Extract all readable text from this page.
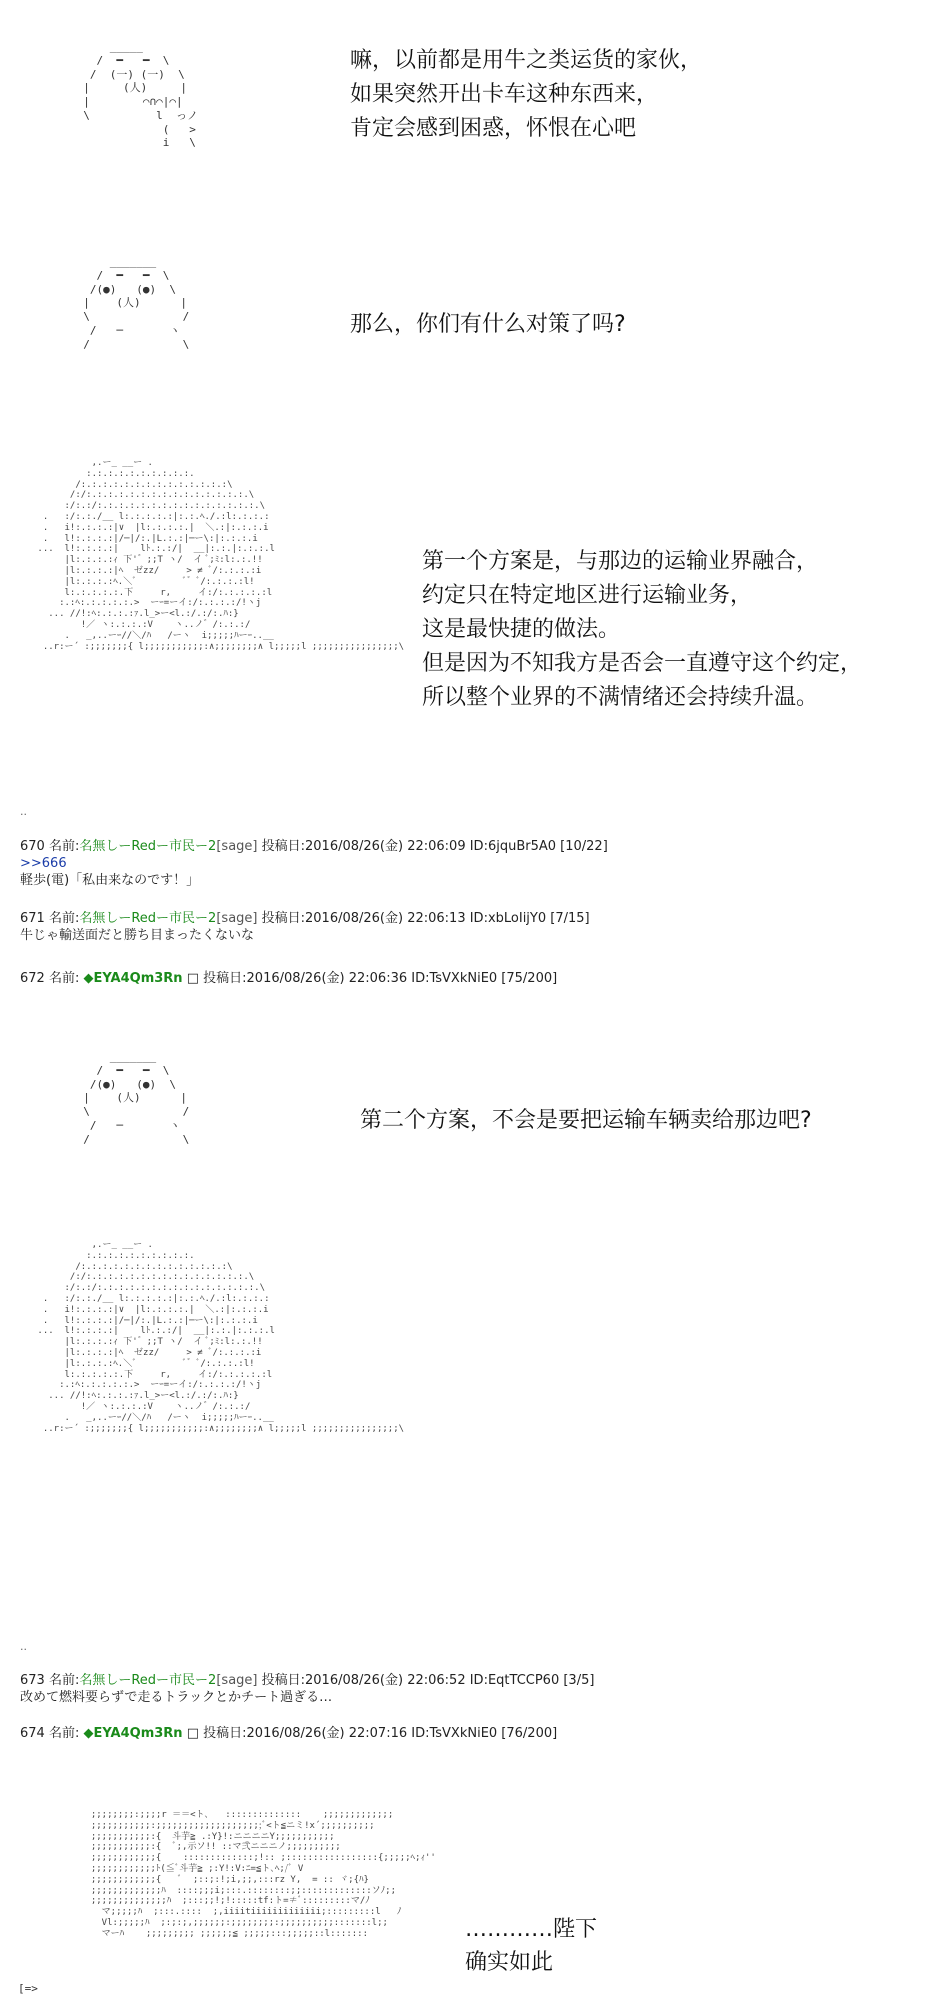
_____
/  ━   ━  \
/  (一) (一)  \
|     (人)     |
|        ⌒∩⌒|⌒|
\          l  っノ
(   >
i   \
嘛，以前都是用牛之类运货的家伙，
如果突然开出卡车这种东西来，
肯定会感到困惑，怀恨在心吧
_______
/  ━   ━  \
/(●)   (●)  \
|    (人)      |
\              /
/   ─       ヽ
/              \
那么，你们有什么对策了吗?
,.ー_ __ー .
:.:.:.:.:.:.:.:.:.:.
/:.:.:.:.:.:.:.:.:.:.:.:.:.:\
/:/:.:.:.:.:.:.:.:.:.:.:.:.:.:.:.\
:/:.:/:.:.:.:.:.:.:.:.:.:.:.:.:.:.:.\
.   :/:.:./__ l:.:.:.:.:|:.:.ﾍ./.:l:.:.:.:
.   i!:.:.:.:|∨  |l:.:.:.:.|  ＼.:|:.:.:.i
.   l!:.:.:.:|/─|/:.|L.:.:|─ー\:|:.:.:.i
...  l!:.:.:.:|    lﾄ.:.:/|  __|:.:.|:.:.:.l
|l:.:.:.:ｨ 下'゛;;T ヽ/  イ ﾞ;ﾐ:l:.:.!!
|l:.:.:.:|ﾍ  ゼzz/     > ≠ ﾞ/:.:.:.:i
|l:.:.:.:ﾍ.＼ﾞ         ﾞ゛ﾞ/:.:.:.:l!
l:.:.:.:.:.下     r,     イ:/:.:.:.:.:l
:.:ﾍ:.:.:.:.:.>  ーｰ=ーイ:/:.:.:.:/!ヽj
... //!:ﾍ:.:.:.:ｧ.l_>ー<l.:/.:/:.ﾊ:}
!／ ヽ:.:.:.:V    ヽ..ノ゛/:.:.:/
.   _,..ーｰ//＼/ﾊ   /ーヽ  i;;;;;ﾊーｰ..__
..r:ー´ :;;;;;;;{ l;;;;;;;;;;;:∧;;;;;;;;∧ l;;;;;l ;;;;;;;;;;;;;;;;\
第一个方案是，与那边的运输业界融合，
约定只在特定地区进行运输业务，
这是最快捷的做法。
但是因为不知我方是否会一直遵守这个约定，
所以整个业界的不满情绪还会持续升温。
..
670 名前:名無しーRedー市民ー2[sage] 投稿日:2016/08/26(金) 22:06:09 ID:6jquBr5A0 [10/22]
>>666
軽歩(電)「私由来なのです！」
671 名前:名無しーRedー市民ー2[sage] 投稿日:2016/08/26(金) 22:06:13 ID:xbLoIijY0 [7/15]
牛じゃ輸送面だと勝ち目まったくないな
672 名前: ◆EYA4Qm3Rn □ 投稿日:2016/08/26(金) 22:06:36 ID:TsVXkNiE0 [75/200]
_______
/  ━   ━  \
/(●)   (●)  \
|    (人)      |
\              /
/   ─       ヽ
/              \
第二个方案，不会是要把运输车辆卖给那边吧?
,.ー_ __ー .
:.:.:.:.:.:.:.:.:.:.
/:.:.:.:.:.:.:.:.:.:.:.:.:.:\
/:/:.:.:.:.:.:.:.:.:.:.:.:.:.:.:.\
:/:.:/:.:.:.:.:.:.:.:.:.:.:.:.:.:.:.\
.   :/:.:./__ l:.:.:.:.:|:.:.ﾍ./.:l:.:.:.:
.   i!:.:.:.:|∨  |l:.:.:.:.|  ＼.:|:.:.:.i
.   l!:.:.:.:|/─|/:.|L.:.:|─ー\:|:.:.:.i
...  l!:.:.:.:|    lﾄ.:.:/|  __|:.:.|:.:.:.l
|l:.:.:.:ｨ 下'゛;;T ヽ/  イ ﾞ;ﾐ:l:.:.!!
|l:.:.:.:|ﾍ  ゼzz/     > ≠ ﾞ/:.:.:.:i
|l:.:.:.:ﾍ.＼ﾞ         ﾞ゛ﾞ/:.:.:.:l!
l:.:.:.:.:.下     r,     イ:/:.:.:.:.:l
:.:ﾍ:.:.:.:.:.>  ーｰ=ーイ:/:.:.:.:/!ヽj
... //!:ﾍ:.:.:.:ｧ.l_>ー<l.:/.:/:.ﾊ:}
!／ ヽ:.:.:.:V    ヽ..ノ゛/:.:.:/
.   _,..ーｰ//＼/ﾊ   /ーヽ  i;;;;;ﾊーｰ..__
..r:ー´ :;;;;;;;{ l;;;;;;;;;;;:∧;;;;;;;;∧ l;;;;;l ;;;;;;;;;;;;;;;;\
..
673 名前:名無しーRedー市民ー2[sage] 投稿日:2016/08/26(金) 22:06:52 ID:EqtTCCP60 [3/5]
改めて燃料要らずで走るトラックとかチート過ぎる…
674 名前: ◆EYA4Qm3Rn □ 投稿日:2016/08/26(金) 22:07:16 ID:TsVXkNiE0 [76/200]
;;;;;;;;:;;;;r ＝＝<ト､   ::::::::::::::    ;;;;;;;;;;;;;
;;;;;;;;;;;:;;;;;;;;;;;;;;;;;;;;ﾞ<ト≦ニミ!x´;;;;;;;;;;
;;;;;;;;;;;:{  斗芋≧ .:Y}!:ニニニニY;;;;;;;;;;;
;;;;;;;;;;;:{  ﾞ;,示ソ!! ::マ弐ニニニノ;;;;;;;;;;
;;;;;;;;;;;;{    :::::::::::::;!:: ;:::::::::::::::::{;;;;;ﾍ;ｨ''
;;;;;;;;;;;;ﾄ(≦ﾞ斗芋≧ ;:Y!:V:ﾆ=≦ト､ﾍ;/ﾞ V
;;;;;;;;;;;;{   ﾞ  ;::;:!;i,;;,:::rz Y,  = :: ヾ;{ﾊ}
;;;;;;;;;;;;;ﾊ  ::::;;;i;:::.::::::::;;:::::::::::::ソﾉ;;
;;;;;;;;;;;;;;ﾊ  ;:::;;!;!:::::tf:ト=≠ﾞ:::::::::マ/ﾉ
マ;;;;;ﾊ  ;:::.::::  ;,iiiitiiiiiiiiiiiii;:::::::::l   ﾉ
Vl:;;;;;ﾊ  ;:;:;,;;;;;;:;;;;;;;;:;;;;;;;;;;:::::::l;;
マーﾊ    ;;;;;;;;; ;;;;;;≦ ;;;;;:::;;;;;::l:::::::	…………陛下
确实如此
[=>
